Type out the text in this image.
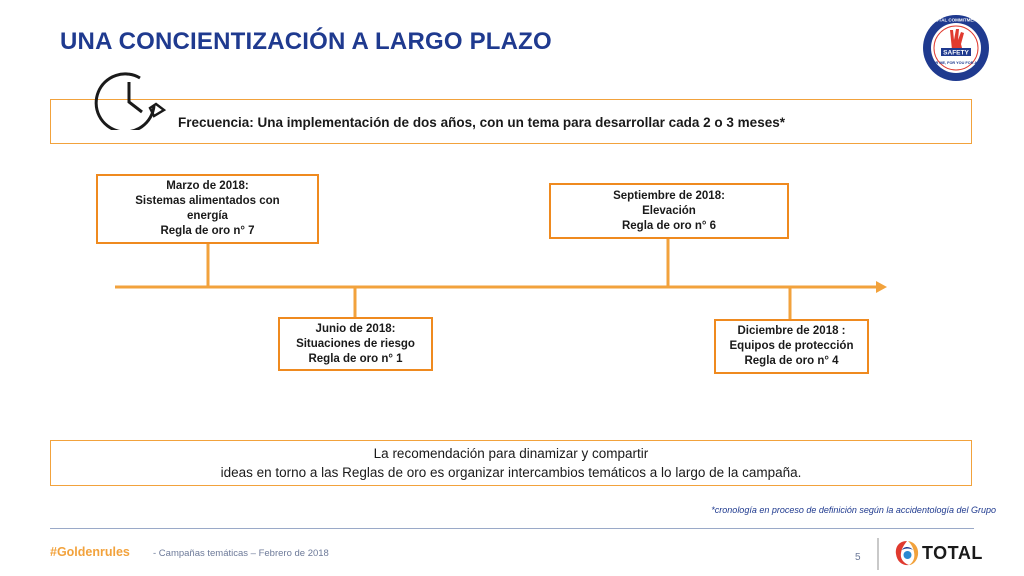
UNA CONCIENTIZACIÓN A LARGO PLAZO	SAFETY
TOTAL COMMITMENT
FOR ME, FOR YOU FOR ALL
Frecuencia: Una implementación de dos años, con un tema para desarrollar cada 2 o 3 meses*
Marzo de 2018:
Sistemas alimentados con
energía
Regla de oro n° 7
Junio de 2018:
Situaciones de riesgo
Regla de oro n° 1
Septiembre de 2018:
Elevación
Regla de oro n° 6
Diciembre de 2018 :
Equipos de protección
Regla de oro n° 4
La recomendación para dinamizar y compartir
ideas en torno a las Reglas de oro es organizar intercambios temáticos a lo largo de la campaña.
*cronología en proceso de definición según la accidentología del Grupo
#Goldenrules - Campañas temáticas – Febrero de 2018	5	TOTAL
